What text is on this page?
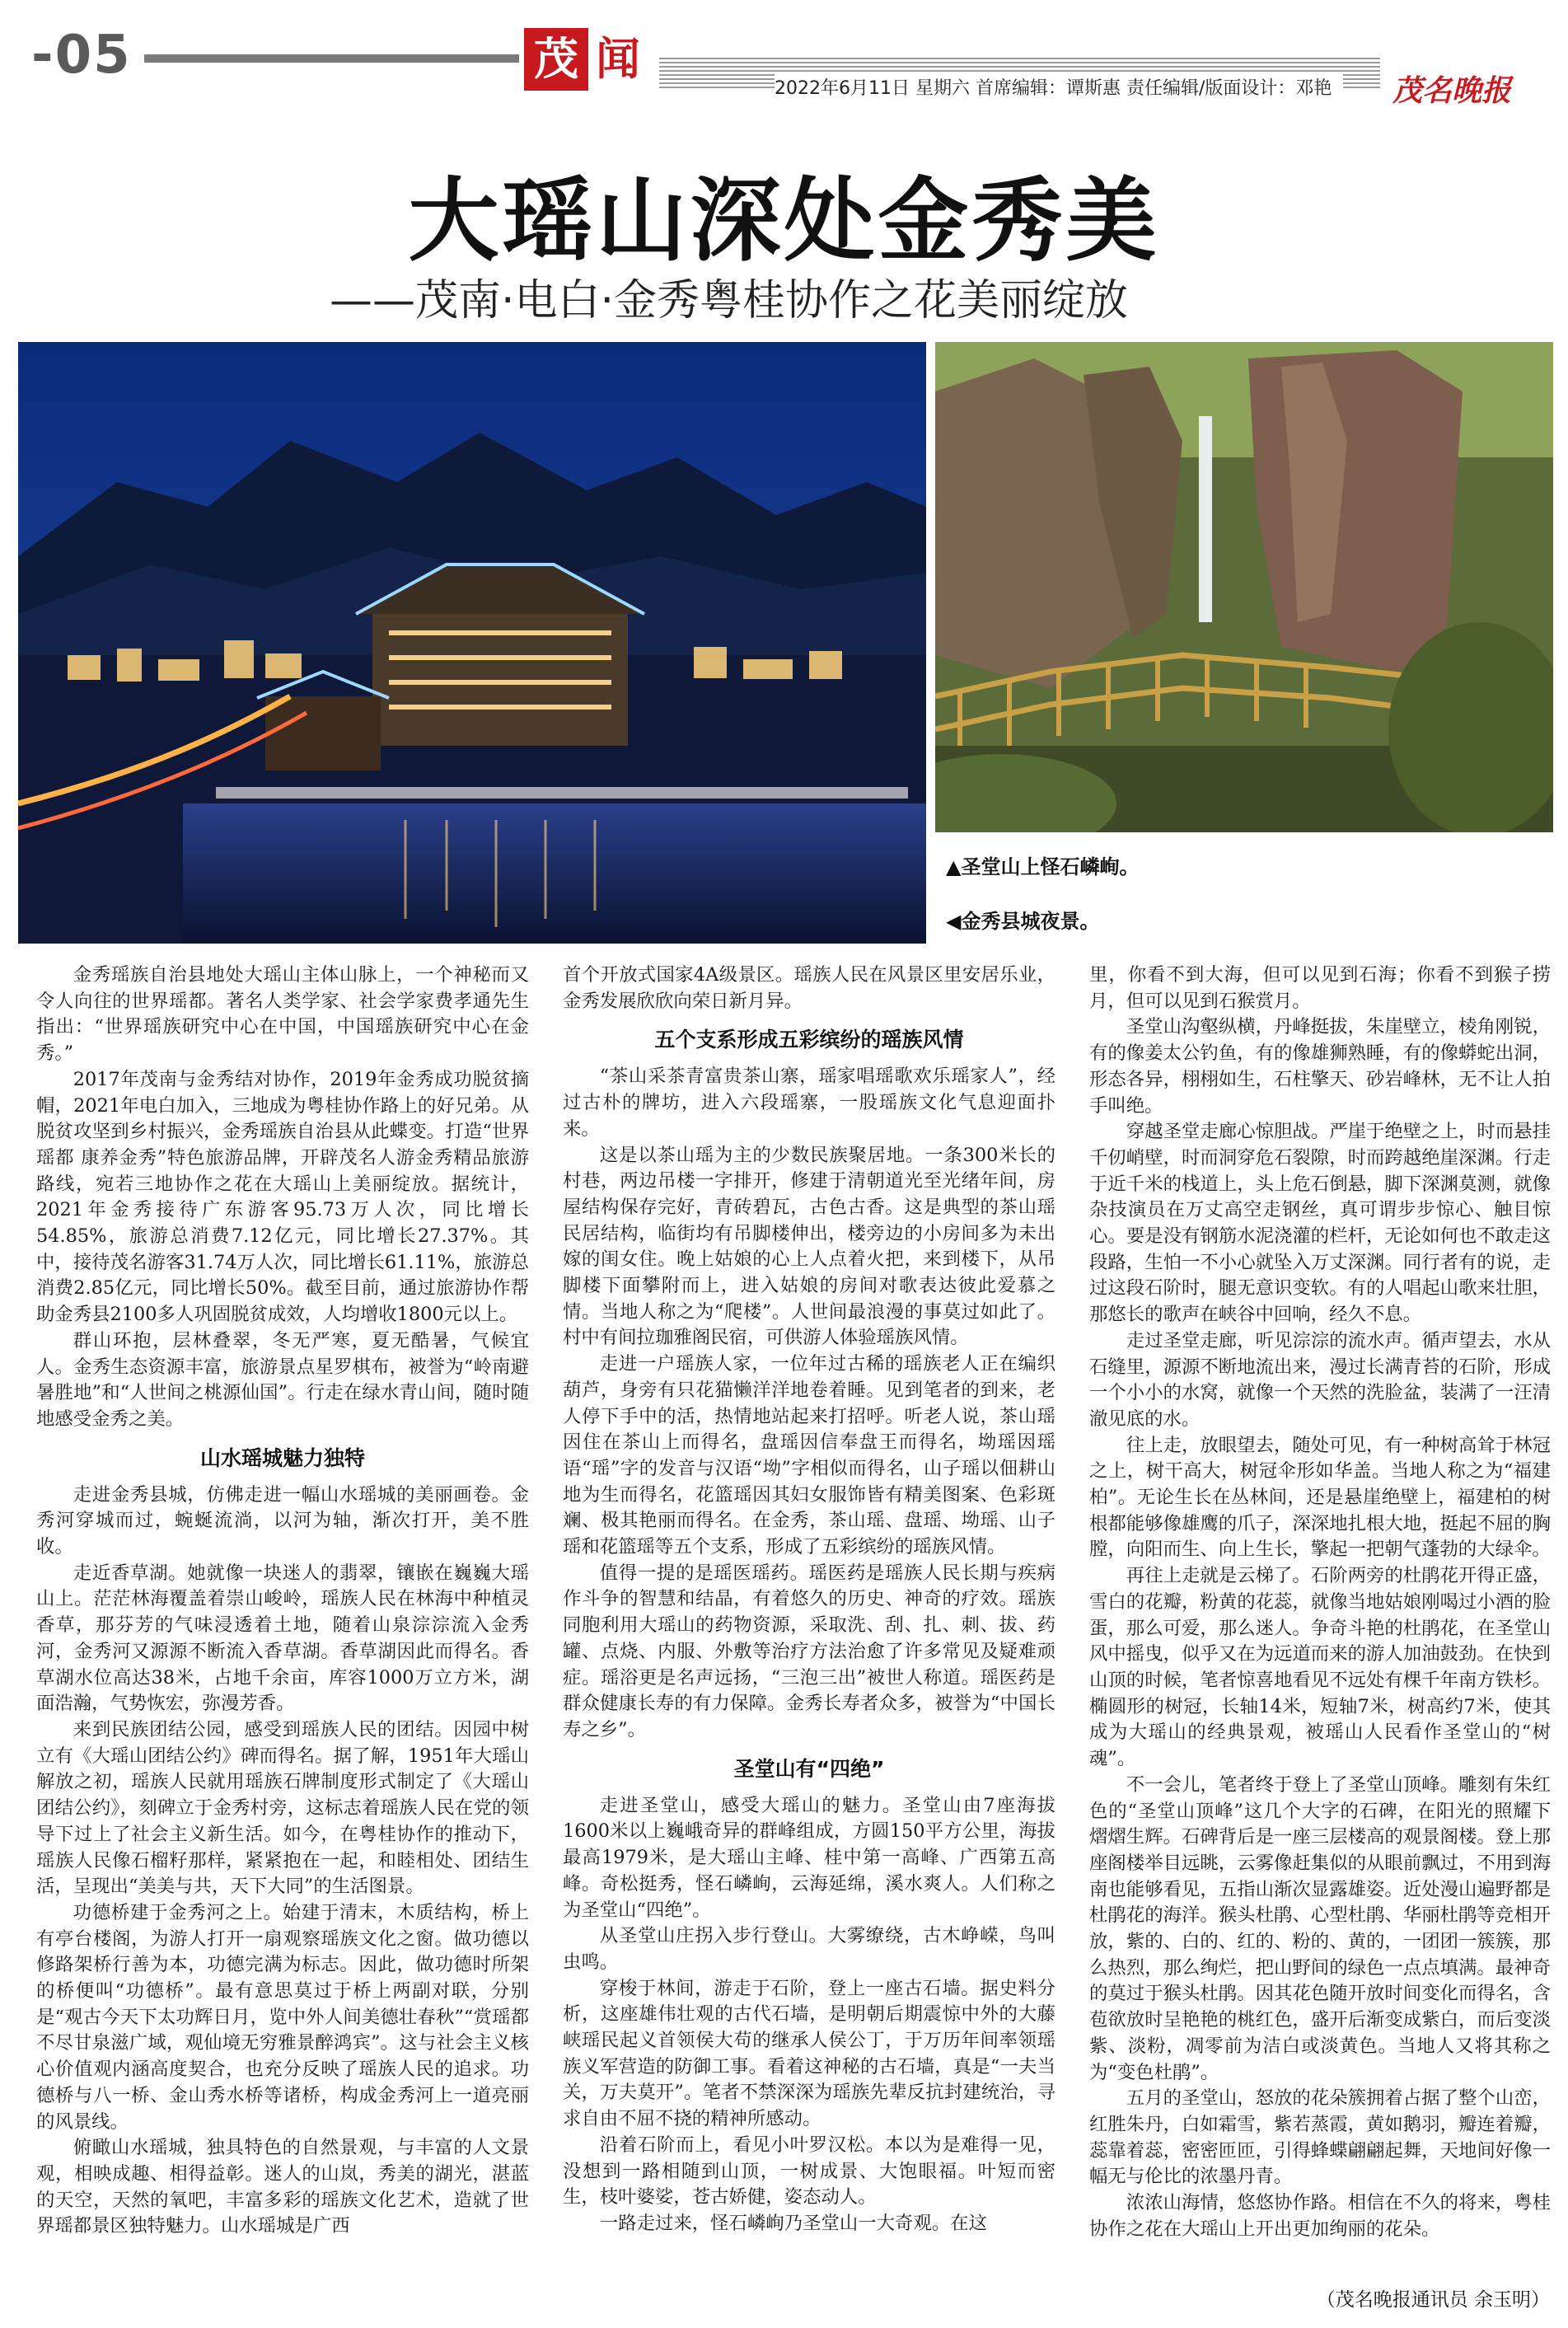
-05	茂 闻
2022年6月11日 星期六 首席编辑：谭斯惠 责任编辑/版面设计：邓艳	茂名晚报
大瑶山深处金秀美
——茂南·电白·金秀粤桂协作之花美丽绽放
▲圣堂山上怪石嶙峋。
◀金秀县城夜景。

金秀瑶族自治县地处大瑶山主体山脉上，一个神秘而又令人向往的世界瑶都。著名人类学家、社会学家费孝通先生指出：“世界瑶族研究中心在中国，中国瑶族研究中心在金秀。”

2017年茂南与金秀结对协作，2019年金秀成功脱贫摘帽，2021年电白加入，三地成为粤桂协作路上的好兄弟。从脱贫攻坚到乡村振兴，金秀瑶族自治县从此蝶变。打造“世界瑶都 康养金秀”特色旅游品牌，开辟茂名人游金秀精品旅游路线，宛若三地协作之花在大瑶山上美丽绽放。据统计，2021年金秀接待广东游客95.73万人次，同比增长54.85%，旅游总消费7.12亿元，同比增长27.37%。其中，接待茂名游客31.74万人次，同比增长61.11%，旅游总消费2.85亿元，同比增长50%。截至目前，通过旅游协作帮助金秀县2100多人巩固脱贫成效，人均增收1800元以上。

群山环抱，层林叠翠，冬无严寒，夏无酷暑，气候宜人。金秀生态资源丰富，旅游景点星罗棋布，被誉为“岭南避暑胜地”和“人世间之桃源仙国”。行走在绿水青山间，随时随地感受金秀之美。

山水瑶城魅力独特

走进金秀县城，仿佛走进一幅山水瑶城的美丽画卷。金秀河穿城而过，蜿蜒流淌，以河为轴，渐次打开，美不胜收。

走近香草湖。她就像一块迷人的翡翠，镶嵌在巍巍大瑶山上。茫茫林海覆盖着崇山峻岭，瑶族人民在林海中种植灵香草，那芬芳的气味浸透着土地，随着山泉淙淙流入金秀河，金秀河又源源不断流入香草湖。香草湖因此而得名。香草湖水位高达38米，占地千余亩，库容1000万立方米，湖面浩瀚，气势恢宏，弥漫芳香。

来到民族团结公园，感受到瑶族人民的团结。因园中树立有《大瑶山团结公约》碑而得名。据了解，1951年大瑶山解放之初，瑶族人民就用瑶族石牌制度形式制定了《大瑶山团结公约》，刻碑立于金秀村旁，这标志着瑶族人民在党的领导下过上了社会主义新生活。如今，在粤桂协作的推动下，瑶族人民像石榴籽那样，紧紧抱在一起，和睦相处、团结生活，呈现出“美美与共，天下大同”的生活图景。

功德桥建于金秀河之上。始建于清末，木质结构，桥上有亭台楼阁，为游人打开一扇观察瑶族文化之窗。做功德以修路架桥行善为本，功德完满为标志。因此，做功德时所架的桥便叫“功德桥”。最有意思莫过于桥上两副对联，分别是“观古今天下太功辉日月，览中外人间美德壮春秋”“赏瑶都不尽甘泉滋广域，观仙境无穷雅景醉鸿宾”。这与社会主义核心价值观内涵高度契合，也充分反映了瑶族人民的追求。功德桥与八一桥、金山秀水桥等诸桥，构成金秀河上一道亮丽的风景线。

俯瞰山水瑶城，独具特色的自然景观，与丰富的人文景观，相映成趣、相得益彰。迷人的山岚，秀美的湖光，湛蓝的天空，天然的氧吧，丰富多彩的瑶族文化艺术，造就了世界瑶都景区独特魅力。山水瑶城是广西

首个开放式国家4A级景区。瑶族人民在风景区里安居乐业，金秀发展欣欣向荣日新月异。

五个支系形成五彩缤纷的瑶族风情

“茶山采茶青富贵茶山寨，瑶家唱瑶歌欢乐瑶家人”，经过古朴的牌坊，进入六段瑶寨，一股瑶族文化气息迎面扑来。

这是以茶山瑶为主的少数民族聚居地。一条300米长的村巷，两边吊楼一字排开，修建于清朝道光至光绪年间，房屋结构保存完好，青砖碧瓦，古色古香。这是典型的茶山瑶民居结构，临街均有吊脚楼伸出，楼旁边的小房间多为未出嫁的闺女住。晚上姑娘的心上人点着火把，来到楼下，从吊脚楼下面攀附而上，进入姑娘的房间对歌表达彼此爱慕之情。当地人称之为“爬楼”。人世间最浪漫的事莫过如此了。村中有间拉珈雅阁民宿，可供游人体验瑶族风情。

走进一户瑶族人家，一位年过古稀的瑶族老人正在编织葫芦，身旁有只花猫懒洋洋地卷着睡。见到笔者的到来，老人停下手中的活，热情地站起来打招呼。听老人说，茶山瑶因住在茶山上而得名，盘瑶因信奉盘王而得名，坳瑶因瑶语“瑶”字的发音与汉语“坳”字相似而得名，山子瑶以佃耕山地为生而得名，花篮瑶因其妇女服饰皆有精美图案、色彩斑斓、极其艳丽而得名。在金秀，茶山瑶、盘瑶、坳瑶、山子瑶和花篮瑶等五个支系，形成了五彩缤纷的瑶族风情。

值得一提的是瑶医瑶药。瑶医药是瑶族人民长期与疾病作斗争的智慧和结晶，有着悠久的历史、神奇的疗效。瑶族同胞利用大瑶山的药物资源，采取洗、刮、扎、刺、拔、药罐、点烧、内服、外敷等治疗方法治愈了许多常见及疑难顽症。瑶浴更是名声远扬，“三泡三出”被世人称道。瑶医药是群众健康长寿的有力保障。金秀长寿者众多，被誉为“中国长寿之乡”。

圣堂山有“四绝”

走进圣堂山，感受大瑶山的魅力。圣堂山由7座海拔1600米以上巍峨奇异的群峰组成，方圆150平方公里，海拔最高1979米，是大瑶山主峰、桂中第一高峰、广西第五高峰。奇松挺秀，怪石嶙峋，云海延绵，溪水爽人。人们称之为圣堂山“四绝”。

从圣堂山庄拐入步行登山。大雾缭绕，古木峥嵘，鸟叫虫鸣。

穿梭于林间，游走于石阶，登上一座古石墙。据史料分析，这座雄伟壮观的古代石墙，是明朝后期震惊中外的大藤峡瑶民起义首领侯大苟的继承人侯公丁，于万历年间率领瑶族义军营造的防御工事。看着这神秘的古石墙，真是“一夫当关，万夫莫开”。笔者不禁深深为瑶族先辈反抗封建统治，寻求自由不屈不挠的精神所感动。

沿着石阶而上，看见小叶罗汉松。本以为是难得一见，没想到一路相随到山顶，一树成景、大饱眼福。叶短而密生，枝叶婆娑，苍古娇健，姿态动人。

一路走过来，怪石嶙峋乃圣堂山一大奇观。在这

里，你看不到大海，但可以见到石海；你看不到猴子捞月，但可以见到石猴赏月。

圣堂山沟壑纵横，丹峰挺拔，朱崖壁立，棱角刚锐，有的像姜太公钓鱼，有的像雄狮熟睡，有的像蟒蛇出洞，形态各异，栩栩如生，石柱擎天、砂岩峰林，无不让人拍手叫绝。

穿越圣堂走廊心惊胆战。严崖于绝壁之上，时而悬挂千仞峭壁，时而洞穿危石裂隙，时而跨越绝崖深渊。行走于近千米的栈道上，头上危石倒悬，脚下深渊莫测，就像杂技演员在万丈高空走钢丝，真可谓步步惊心、触目惊心。要是没有钢筋水泥浇灌的栏杆，无论如何也不敢走这段路，生怕一不小心就坠入万丈深渊。同行者有的说，走过这段石阶时，腿无意识变软。有的人唱起山歌来壮胆，那悠长的歌声在峡谷中回响，经久不息。

走过圣堂走廊，听见淙淙的流水声。循声望去，水从石缝里，源源不断地流出来，漫过长满青苔的石阶，形成一个小小的水窝，就像一个天然的洗脸盆，装满了一汪清澈见底的水。

往上走，放眼望去，随处可见，有一种树高耸于林冠之上，树干高大，树冠伞形如华盖。当地人称之为“福建柏”。无论生长在丛林间，还是悬崖绝壁上，福建柏的树根都能够像雄鹰的爪子，深深地扎根大地，挺起不屈的胸膛，向阳而生、向上生长，擎起一把朝气蓬勃的大绿伞。

再往上走就是云梯了。石阶两旁的杜鹃花开得正盛，雪白的花瓣，粉黄的花蕊，就像当地姑娘刚喝过小酒的脸蛋，那么可爱，那么迷人。争奇斗艳的杜鹃花，在圣堂山风中摇曳，似乎又在为远道而来的游人加油鼓劲。在快到山顶的时候，笔者惊喜地看见不远处有棵千年南方铁杉。椭圆形的树冠，长轴14米，短轴7米，树高约7米，使其成为大瑶山的经典景观，被瑶山人民看作圣堂山的“树魂”。

不一会儿，笔者终于登上了圣堂山顶峰。雕刻有朱红色的“圣堂山顶峰”这几个大字的石碑，在阳光的照耀下熠熠生辉。石碑背后是一座三层楼高的观景阁楼。登上那座阁楼举目远眺，云雾像赶集似的从眼前飘过，不用到海南也能够看见，五指山渐次显露雄姿。近处漫山遍野都是杜鹃花的海洋。猴头杜鹃、心型杜鹃、华丽杜鹃等竞相开放，紫的、白的、红的、粉的、黄的，一团团一簇簇，那么热烈，那么绚烂，把山野间的绿色一点点填满。最神奇的莫过于猴头杜鹃。因其花色随开放时间变化而得名，含苞欲放时呈艳艳的桃红色，盛开后渐变成紫白，而后变淡紫、淡粉，凋零前为洁白或淡黄色。当地人又将其称之为“变色杜鹃”。

五月的圣堂山，怒放的花朵簇拥着占据了整个山峦，红胜朱丹，白如霜雪，紫若蒸霞，黄如鹅羽，瓣连着瓣，蕊靠着蕊，密密匝匝，引得蜂蝶翩翩起舞，天地间好像一幅无与伦比的浓墨丹青。

浓浓山海情，悠悠协作路。相信在不久的将来，粤桂协作之花在大瑶山上开出更加绚丽的花朵。

（茂名晚报通讯员 余玉明）
